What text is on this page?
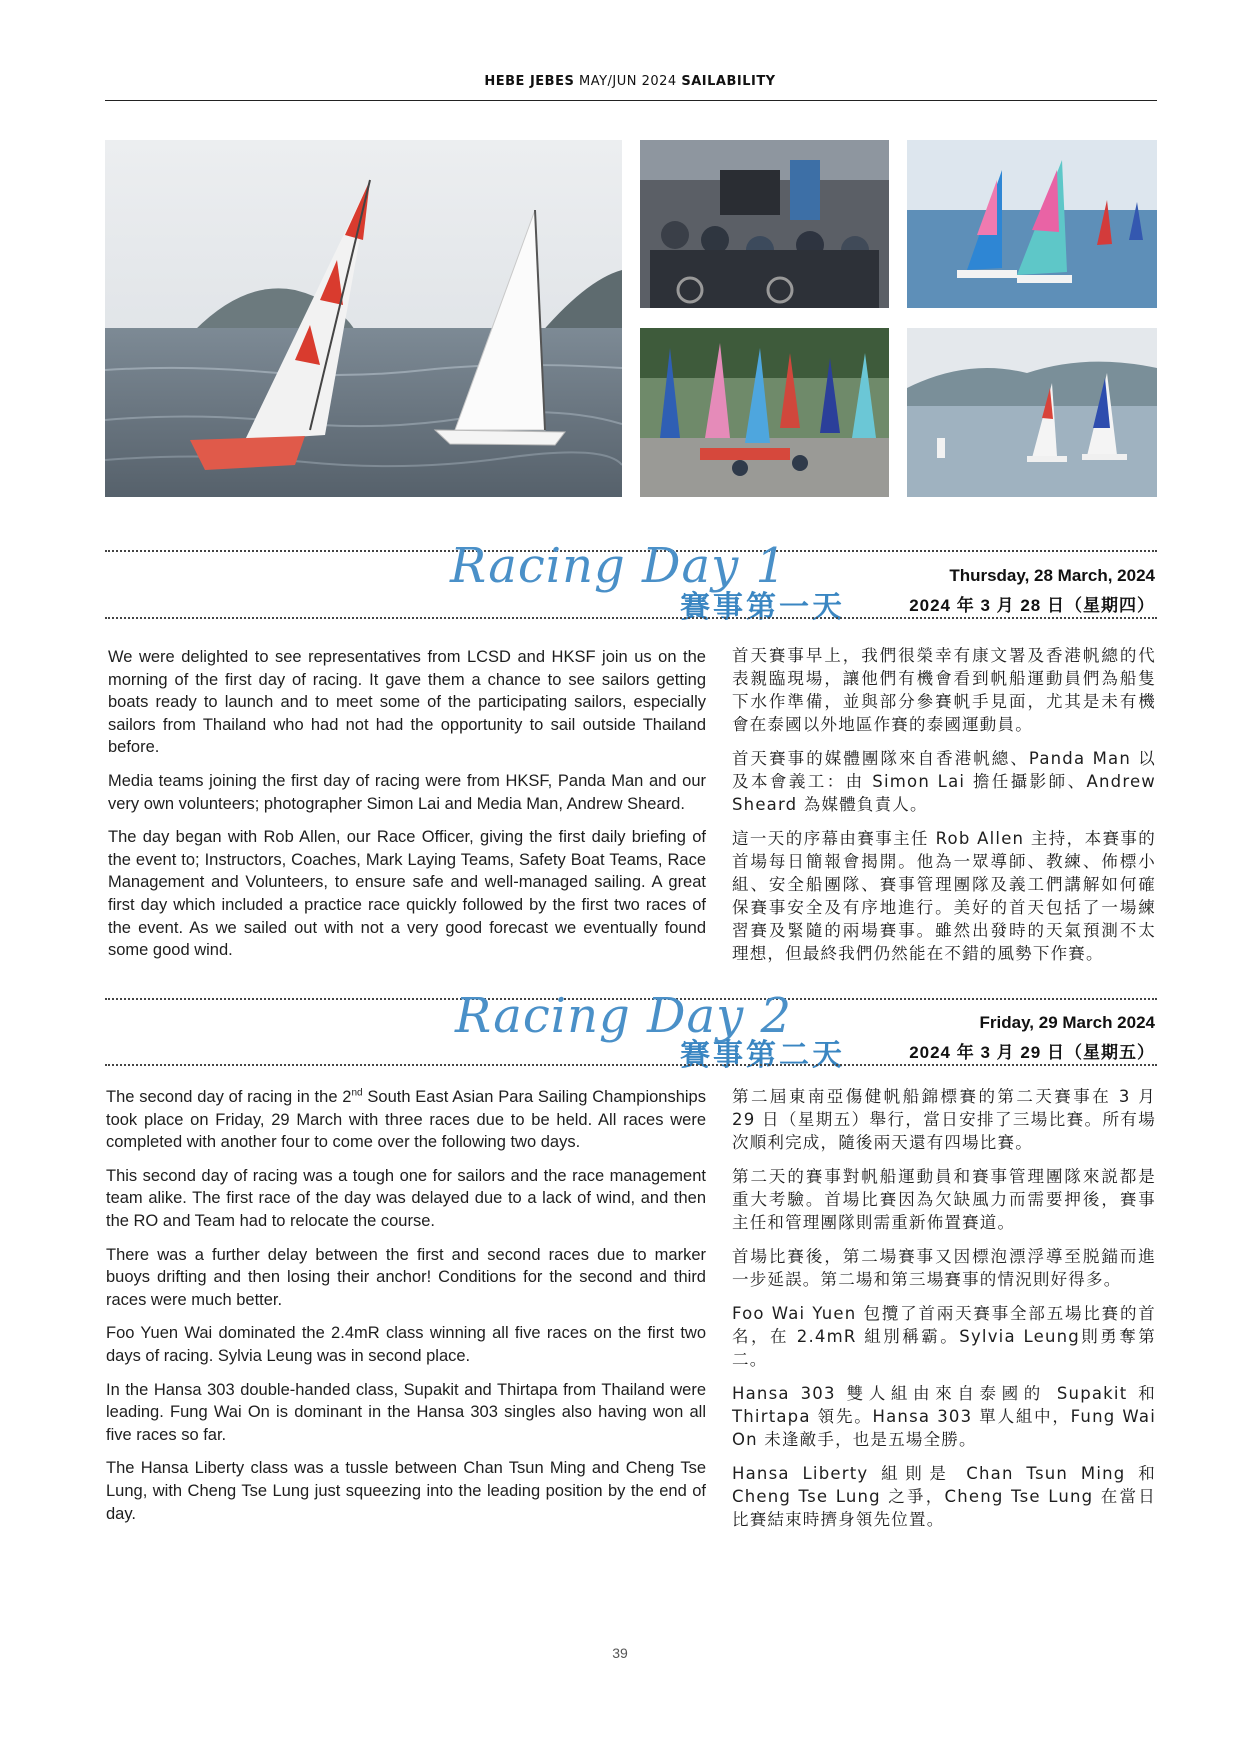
HEBE JEBES MAY/JUN 2024 SAILABILITY
Racing Day 1
賽事第一天
Thursday, 28 March, 2024
2024 年 3 月 28 日（星期四）

We were delighted to see representatives from LCSD and HKSF join us on the morning of the first day of racing. It gave them a chance to see sailors getting boats ready to launch and to meet some of the participating sailors, especially sailors from Thailand who had not had the opportunity to sail outside Thailand before.

Media teams joining the first day of racing were from HKSF, Panda Man and our very own volunteers; photographer Simon Lai and Media Man, Andrew Sheard.

The day began with Rob Allen, our Race Officer, giving the first daily briefing of the event to; Instructors, Coaches, Mark Laying Teams, Safety Boat Teams, Race Management and Volunteers, to ensure safe and well-managed sailing. A great first day which included a practice race quickly followed by the first two races of the event. As we sailed out with not a very good forecast we eventually found some good wind.

首天賽事早上，我們很榮幸有康文署及香港帆總的代表親臨現場，讓他們有機會看到帆船運動員們為船隻下水作準備，並與部分參賽帆手見面，尤其是未有機會在泰國以外地區作賽的泰國運動員。

首天賽事的媒體團隊來自香港帆總、Panda Man 以及本會義工：由 Simon Lai 擔任攝影師、Andrew Sheard 為媒體負責人。

這一天的序幕由賽事主任 Rob Allen 主持，本賽事的首場每日簡報會揭開。他為一眾導師、教練、佈標小組、安全船團隊、賽事管理團隊及義工們講解如何確保賽事安全及有序地進行。美好的首天包括了一場練習賽及緊隨的兩場賽事。雖然出發時的天氣預測不太理想，但最終我們仍然能在不錯的風勢下作賽。

Racing Day 2
賽事第二天
Friday, 29 March 2024
2024 年 3 月 29 日（星期五）

The second day of racing in the 2nd South East Asian Para Sailing Championships took place on Friday, 29 March with three races due to be held. All races were completed with another four to come over the following two days.

This second day of racing was a tough one for sailors and the race management team alike. The first race of the day was delayed due to a lack of wind, and then the RO and Team had to relocate the course.

There was a further delay between the first and second races due to marker buoys drifting and then losing their anchor! Conditions for the second and third races were much better.

Foo Yuen Wai dominated the 2.4mR class winning all five races on the first two days of racing. Sylvia Leung was in second place.

In the Hansa 303 double-handed class, Supakit and Thirtapa from Thailand were leading. Fung Wai On is dominant in the Hansa 303 singles also having won all five races so far.

The Hansa Liberty class was a tussle between Chan Tsun Ming and Cheng Tse Lung, with Cheng Tse Lung just squeezing into the leading position by the end of day.

第二屆東南亞傷健帆船錦標賽的第二天賽事在 3 月 29 日（星期五）舉行，當日安排了三場比賽。所有場次順利完成，隨後兩天還有四場比賽。

第二天的賽事對帆船運動員和賽事管理團隊來説都是重大考驗。首場比賽因為欠缺風力而需要押後，賽事主任和管理團隊則需重新佈置賽道。

首場比賽後，第二場賽事又因標泡漂浮導至脱錨而進一步延誤。第二場和第三場賽事的情況則好得多。

Foo Wai Yuen 包攬了首兩天賽事全部五場比賽的首名，在 2.4mR 組別稱霸。Sylvia Leung則勇奪第二。

Hansa 303 雙人組由來自泰國的 Supakit 和 Thirtapa 領先。Hansa 303 單人組中，Fung Wai On 未逢敵手，也是五場全勝。

Hansa Liberty 組則是 Chan Tsun Ming 和 Cheng Tse Lung 之爭，Cheng Tse Lung 在當日比賽結束時擠身領先位置。

39
